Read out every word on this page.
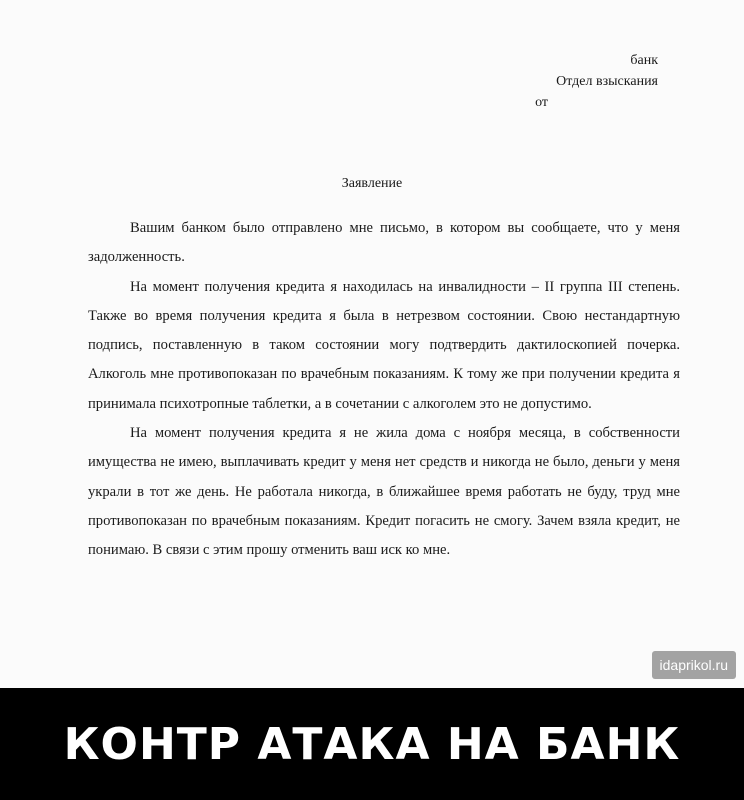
банк
Отдел взыскания

от
Заявление

Вашим банком было отправлено мне письмо, в котором вы сообщаете, что у меня задолженность.

На момент получения кредита я находилась на инвалидности – II группа III степень. Также во время получения кредита я была в нетрезвом состоянии. Свою нестандартную подпись, поставленную в таком состоянии могу подтвердить дактилоскопией почерка. Алкоголь мне противопоказан по врачебным показаниям. К тому же при получении кредита я принимала психотропные таблетки, а в сочетании с алкоголем это не допустимо.

На момент получения кредита я не жила дома с ноября месяца, в собственности имущества не имею, выплачивать кредит у меня нет средств и никогда не было, деньги у меня украли в тот же день. Не работала никогда, в ближайшее время работать не буду, труд мне противопоказан по врачебным показаниям. Кредит погасить не смогу. Зачем взяла кредит, не понимаю. В связи с этим прошу отменить ваш иск ко мне.

idaprikol.ru
КОНТР АТАКА НА БАНК
